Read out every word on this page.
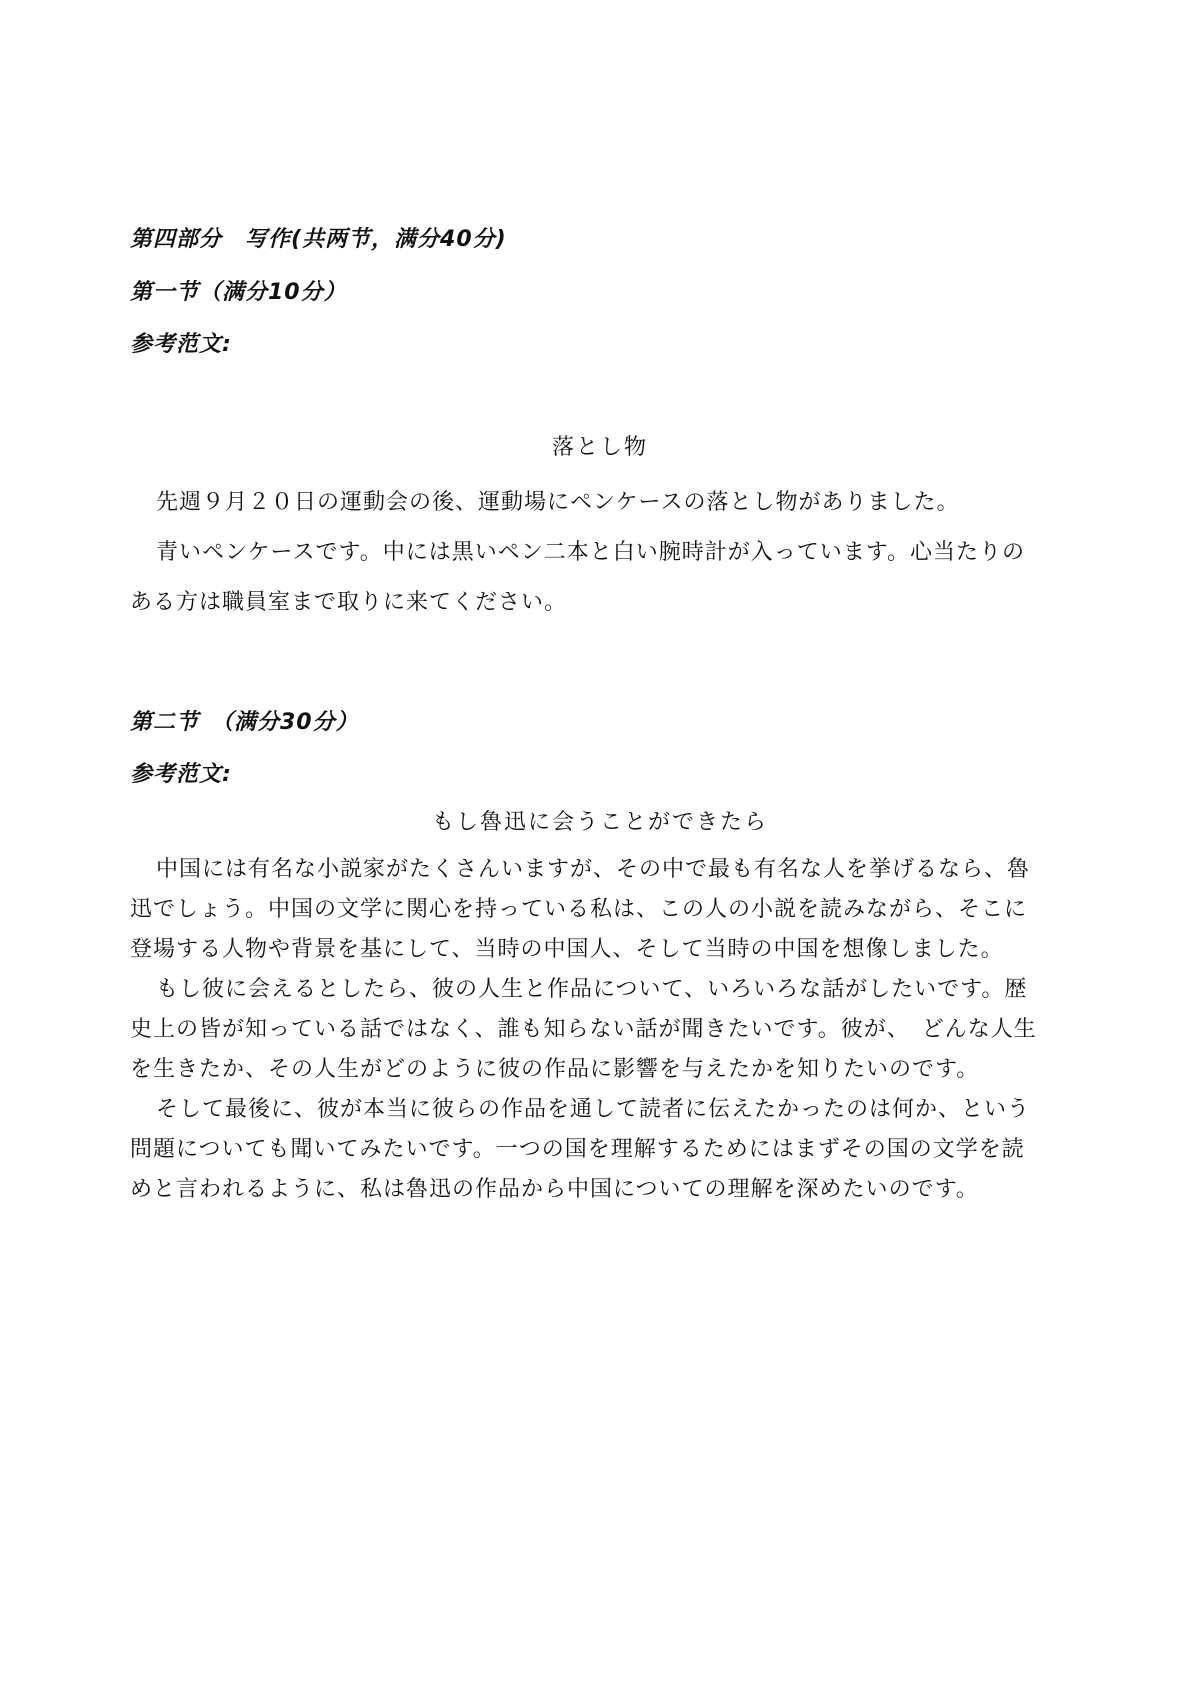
第四部分　写作(共两节，满分40分)
第一节（满分10分）
参考范文:
落とし物
先週９月２０日の運動会の後、運動場にペンケースの落とし物がありました。
青いペンケースです。中には黒いペン二本と白い腕時計が入っています。心当たりの
ある方は職員室まで取りに来てください。
第二节　（满分30分）
参考范文:
もし魯迅に会うことができたら
中国には有名な小説家がたくさんいますが、その中で最も有名な人を挙げるなら、魯
迅でしょう。中国の文学に関心を持っている私は、この人の小説を読みながら、そこに
登場する人物や背景を基にして、当時の中国人、そして当時の中国を想像しました。
もし彼に会えるとしたら、彼の人生と作品について、いろいろな話がしたいです。歴
史上の皆が知っている話ではなく、誰も知らない話が聞きたいです。彼が、　どんな人生
を生きたか、その人生がどのように彼の作品に影響を与えたかを知りたいのです。
そして最後に、彼が本当に彼らの作品を通して読者に伝えたかったのは何か、という
問題についても聞いてみたいです。一つの国を理解するためにはまずその国の文学を読
めと言われるように、私は魯迅の作品から中国についての理解を深めたいのです。
